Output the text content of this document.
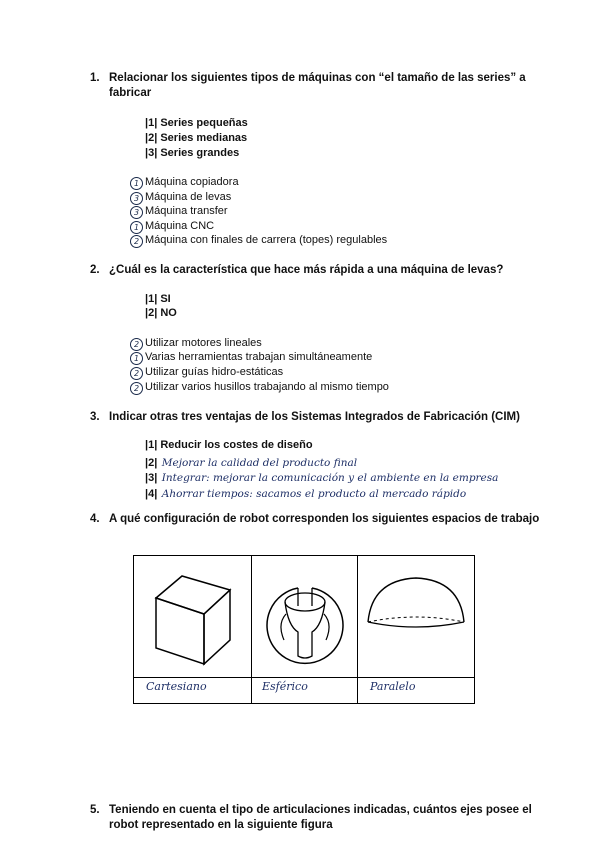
1. Relacionar los siguientes tipos de máquinas con “el tamaño de las series” a
fabricar
|1| Series pequeñas
|2| Series medianas
|3| Series grandes
1 Máquina copiadora
3 Máquina de levas
3 Máquina transfer
1 Máquina CNC
2 Máquina con finales de carrera (topes) regulables
2. ¿Cuál es la característica que hace más rápida a una máquina de levas?
|1| SI
|2| NO
2 Utilizar motores lineales
1 Varias herramientas trabajan simultáneamente
2 Utilizar guías hidro-estáticas
2 Utilizar varios husillos trabajando al mismo tiempo
3. Indicar otras tres ventajas de los Sistemas Integrados de Fabricación (CIM)
|1| Reducir los costes de diseño
|2| Mejorar la calidad del producto final
|3| Integrar: mejorar la comunicación y el ambiente en la empresa
|4| Ahorrar tiempos: sacamos el producto al mercado rápido
4. A qué configuración de robot corresponden los siguientes espacios de trabajo
Cartesiano	Esférico	Paralelo
5. Teniendo en cuenta el tipo de articulaciones indicadas, cuántos ejes posee el
robot representado en la siguiente figura
